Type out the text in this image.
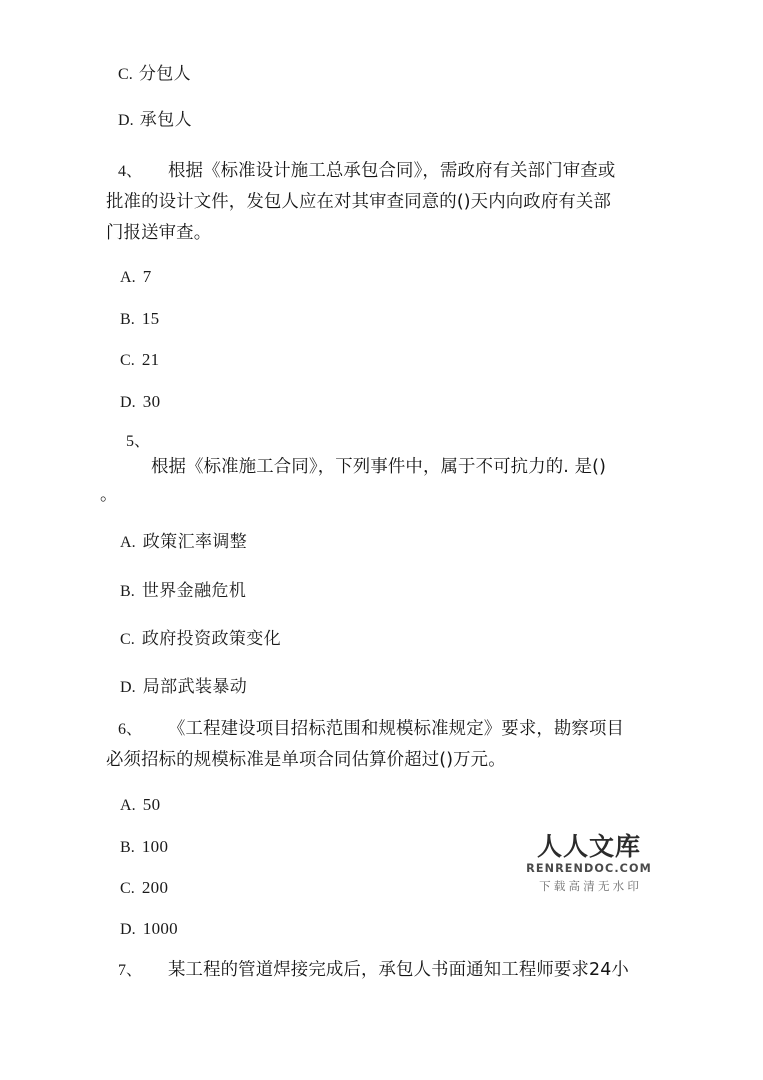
C. 分包人
D. 承包人
4、 根据《标准设计施工总承包合同》，需政府有关部门审查或
批准的设计文件，发包人应在对其审查同意的()天内向政府有关部
门报送审查。
A. 7
B. 15
C. 21
D. 30
5、
根据《标准施工合同》，下列事件中，属于不可抗力的. 是()
。
A. 政策汇率调整
B. 世界金融危机
C. 政府投资政策变化
D. 局部武装暴动
6、 《工程建设项目招标范围和规模标准规定》要求，勘察项目
必须招标的规模标准是单项合同估算价超过()万元。
A. 50
B. 100
C. 200
D. 1000
7、 某工程的管道焊接完成后，承包人书面通知工程师要求24小
人人文库
RENRENDOC.COM
下载高清无水印
